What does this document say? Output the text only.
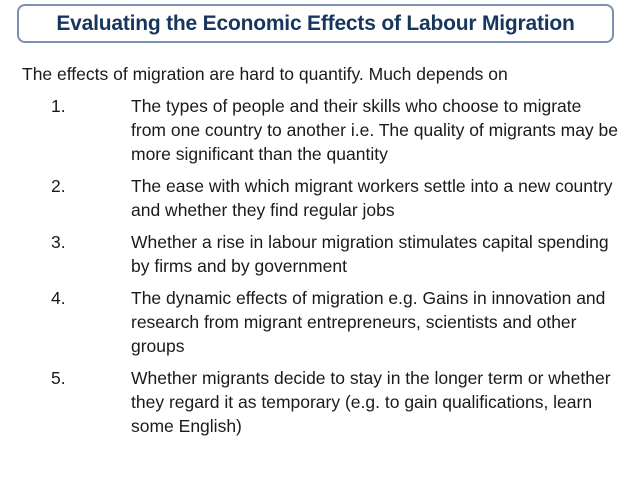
Evaluating the Economic Effects of Labour Migration
The effects of migration are hard to quantify. Much depends on
1.	The types of people and their skills who choose to migrate from one country to another i.e. The quality of migrants may be more significant than the quantity
2.	The ease with which migrant workers settle into a new country and whether they find regular jobs
3.	Whether a rise in labour migration stimulates capital spending by firms and by government
4.	The dynamic effects of migration e.g. Gains in innovation and research from migrant entrepreneurs, scientists and other groups
5.	Whether migrants decide to stay in the longer term or whether they regard it as temporary (e.g. to gain qualifications, learn some English)
